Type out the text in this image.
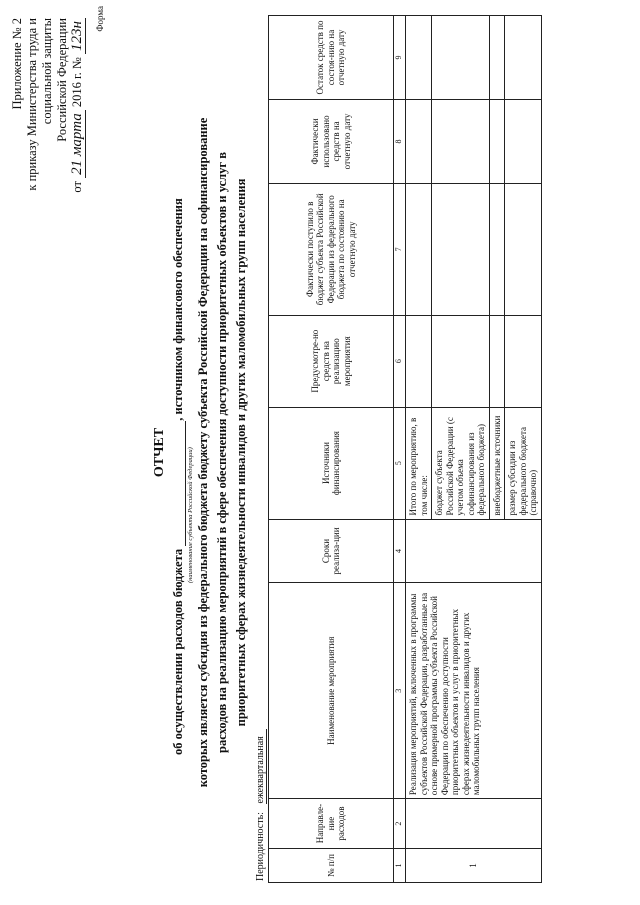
Приложение № 2 к приказу Министерства труда и социальной защиты Российской Федерации
от 21 марта 2016 г. № 123н
Форма
ОТЧЕТ
об осуществлении расходов бюджета , источником финансового обеспечения
(наименование субъекта Российской Федерации) которых является субсидия из федерального бюджета бюджету субъекта Российской Федерации на софинансирование расходов на реализацию мероприятий в сфере обеспечения доступности приоритетных объектов и услуг в приоритетных сферах жизнедеятельности инвалидов и других маломобильных групп населения
Периодичность: ежеквартальная
№ п/п	Направле-ние расходов	Наименование мероприятия	Сроки реализа-ции	Источники финансирования	Предусмотре-но средств на реализацию мероприятия	Фактически поступило в бюджет субъекта Российской Федерации из федерального бюджета по состоянию на отчетную дату	Фактически использовано средств на отчетную дату	Остаток средств по состоя-нию на отчетную дату
1	2	3	4	5	6	7	8	9
1		Реализация мероприятий, включенных в программы субъектов Российской Федерации, разработанные на основе примерной программы субъекта Российской Федерации по обеспечению доступности приоритетных объектов и услуг в приоритетных сферах жизнедеятельности инвалидов и других маломобильных групп населения		Итого по мероприятию, в том числе:				
				бюджет субъекта Российской Федерации (с учетом объема софинансирования из федерального бюджета)				
				внебюджетные источники				
				размер субсидии из федерального бюджета (справочно)				
